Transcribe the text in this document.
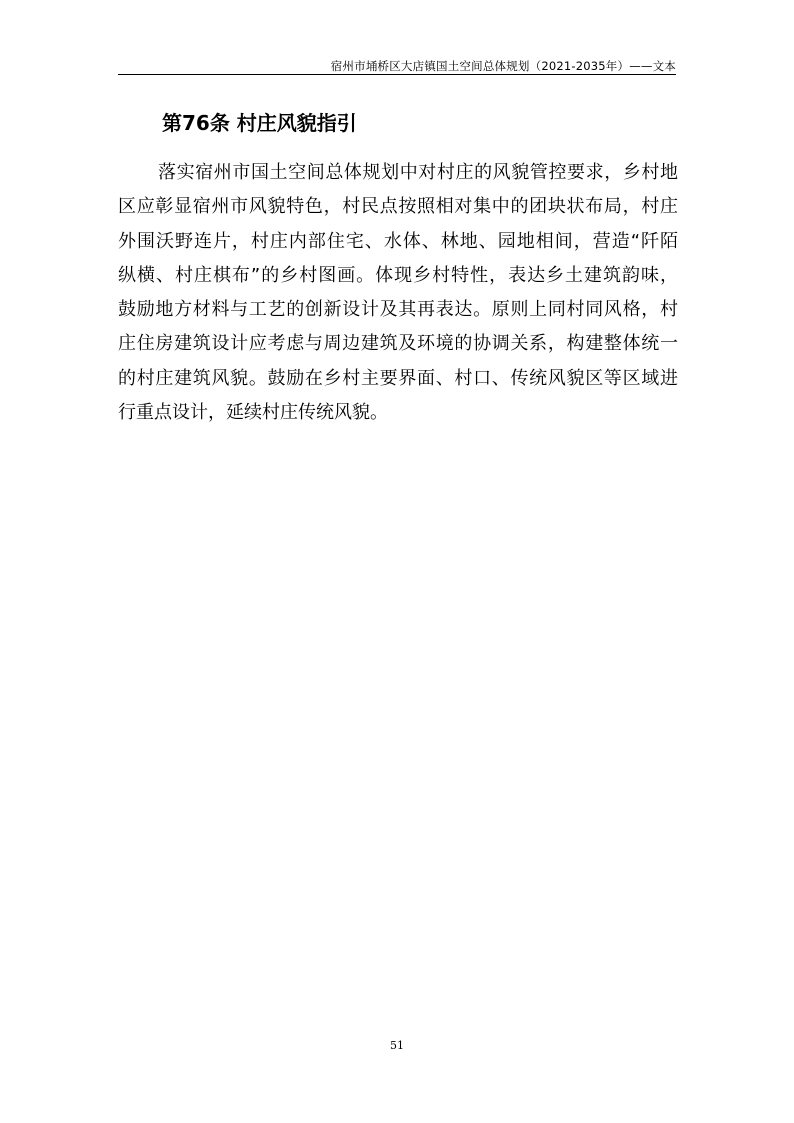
宿州市埇桥区大店镇国土空间总体规划（2021-2035年）——文本
第76条 村庄风貌指引
落实宿州市国土空间总体规划中对村庄的风貌管控要求，乡村地
区应彰显宿州市风貌特色，村民点按照相对集中的团块状布局，村庄
外围沃野连片，村庄内部住宅、水体、林地、园地相间，营造“阡陌
纵横、村庄棋布”的乡村图画。体现乡村特性，表达乡土建筑韵味，
鼓励地方材料与工艺的创新设计及其再表达。原则上同村同风格，村
庄住房建筑设计应考虑与周边建筑及环境的协调关系，构建整体统一
的村庄建筑风貌。鼓励在乡村主要界面、村口、传统风貌区等区域进
行重点设计，延续村庄传统风貌。
51
